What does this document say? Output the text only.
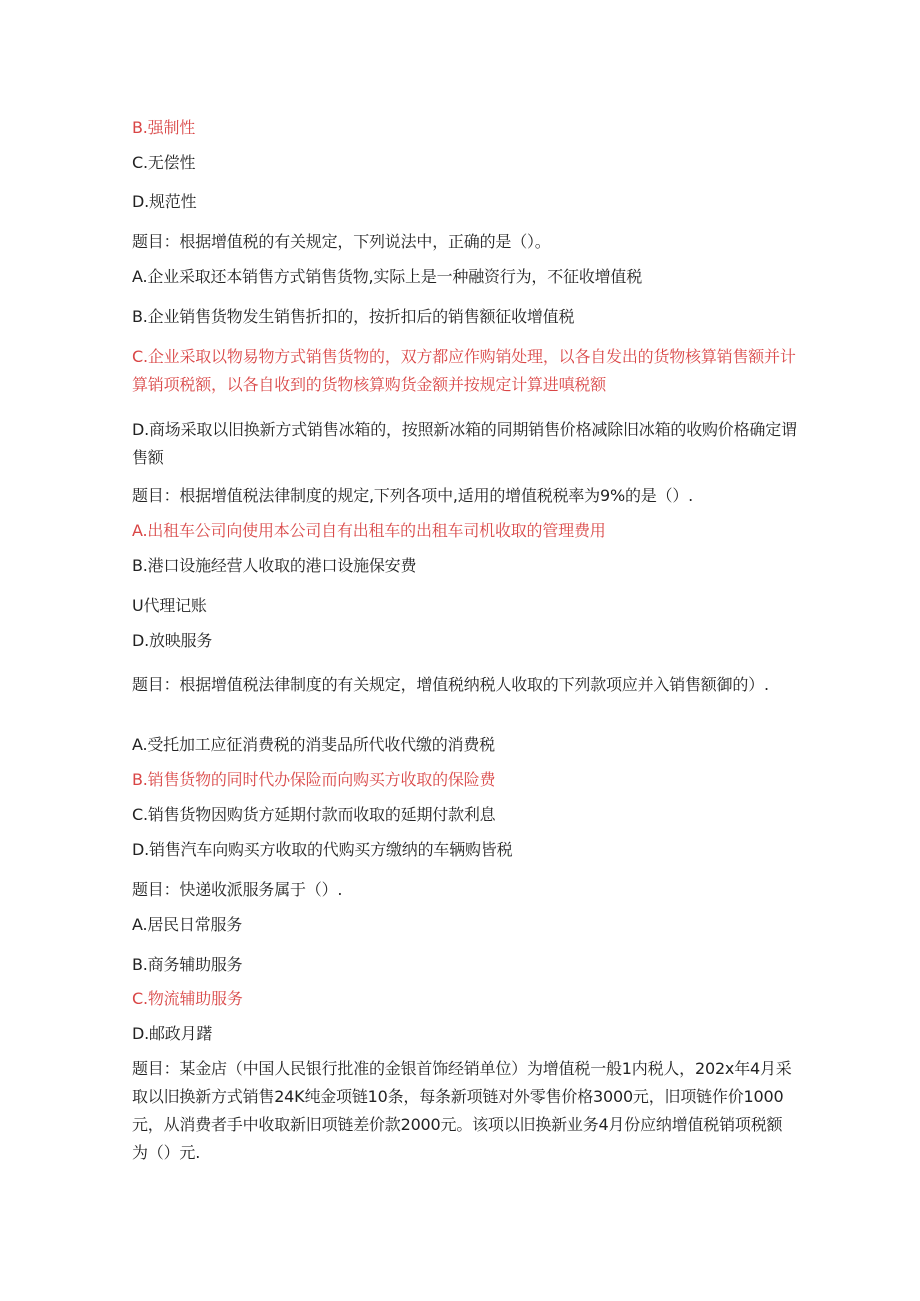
B.强制性
C.无偿性
D.规范性
题目：根据增值税的有关规定，下列说法中，正确的是（）。
A.企业采取还本销售方式销售货物,实际上是一种融资行为，不征收增值税
B.企业销售货物发生销售折扣的，按折扣后的销售额征收增值税
C.企业采取以物易物方式销售货物的，双方都应作购销处理，以各自发出的货物核算销售额并计算销项税额，以各自收到的货物核算购货金额并按规定计算进嗔税额
D.商场采取以旧换新方式销售冰箱的，按照新冰箱的同期销售价格减除旧冰箱的收购价格确定谓售额
题目：根据增值税法律制度的规定,下列各项中,适用的增值税税率为9%的是（）.
A.出租车公司向使用本公司自有出租车的出租车司机收取的管理费用
B.港口设施经营人收取的港口设施保安费
U代理记账
D.放映服务
题目：根据增值税法律制度的有关规定，增值税纳税人收取的下列款项应并入销售额御的）.
A.受托加工应征消费税的消斐品所代收代缴的消费税
B.销售货物的同时代办保险而向购买方收取的保险费
C.销售货物因购货方延期付款而收取的延期付款利息
D.销售汽车向购买方收取的代购买方缴纳的车辆购皆税
题目：快递收派服务属于（）.
A.居民日常服务
B.商务辅助服务
C.物流辅助服务
D.邮政月躇
题目：某金店（中国人民银行批准的金银首饰经销单位）为增值税一般1内税人，202x年4月采取以旧换新方式销售24K纯金项链10条，每条新项链对外零售价格3000元，旧项链作价1000元，从消费者手中收取新旧项链差价款2000元。该项以旧换新业务4月份应纳增值税销项税额为（）元.
